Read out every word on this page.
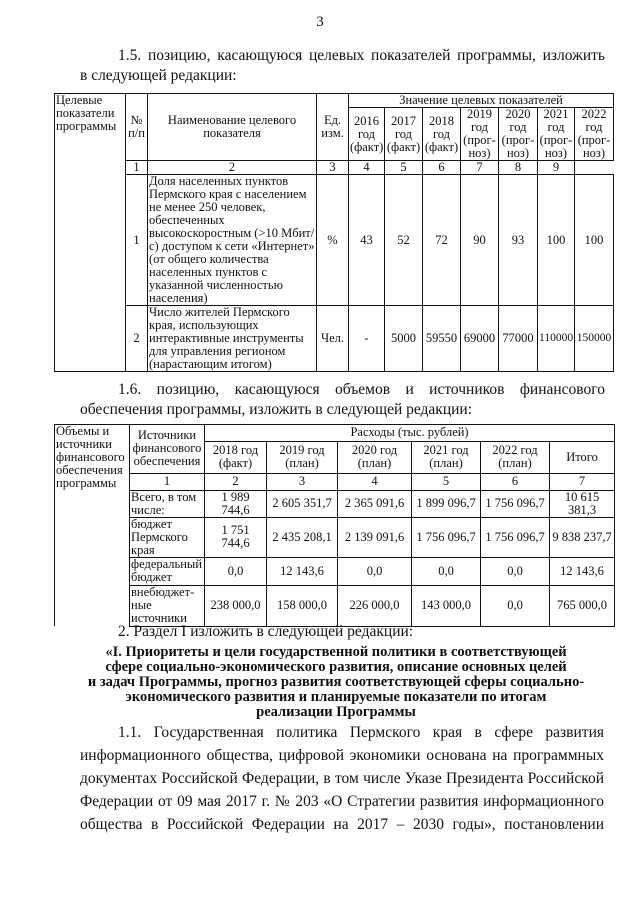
3
1.5. позицию, касающуюся целевых показателей программы, изложить
в следующей редакции:
Целевые показатели программы	№ п/п	Наименование целевого показателя	Ед. изм.	Значение целевых показателей						
				2016 год (факт)	2017 год (факт)	2018 год (факт)	2019 год (прог-ноз)	2020 год (прог-ноз)	2021 год (прог-ноз)	2022 год (прог-ноз)
	1	2	3	4	5	6	7	8	9	
	1	Доля населенных пунктов Пермского края с населением не менее 250 человек, обеспеченных высокоскоростным (>10 Мбит/с) доступом к сети «Интернет» (от общего количества населенных пунктов с указанной численностью населения)	%	43	52	72	90	93	100	100
	2	Число жителей Пермского края, использующих интерактивные инструменты для управления регионом (нарастающим итогом)	Чел.	-	5000	59550	69000	77000	110000	150000
1.6. позицию, касающуюся объемов и источников финансового
обеспечения программы, изложить в следующей редакции:
Объемы и источники финансового обеспечения программы	Источники финансового обеспечения	Расходы (тыс. рублей)					
		2018 год (факт)	2019 год (план)	2020 год (план)	2021 год (план)	2022 год (план)	Итого
	1	2	3	4	5	6	7
	Всего, в том числе:	1 989 744,6	2 605 351,7	2 365 091,6	1 899 096,7	1 756 096,7	10 615 381,3
	бюджет Пермского края	1 751 744,6	2 435 208,1	2 139 091,6	1 756 096,7	1 756 096,7	9 838 237,7
	федеральный бюджет	0,0	12 143,6	0,0	0,0	0,0	12 143,6
	внебюджет-ные источники	238 000,0	158 000,0	226 000,0	143 000,0	0,0	765 000,0
2. Раздел I изложить в следующей редакции:
«I. Приоритеты и цели государственной политики в соответствующей
сфере социально-экономического развития, описание основных целей
и задач Программы, прогноз развития соответствующей сферы социально-
экономического развития и планируемые показатели по итогам
реализации Программы
1.1. Государственная политика Пермского края в сфере развития
информационного общества, цифровой экономики основана на программных
документах Российской Федерации, в том числе Указе Президента Российской
Федерации от 09 мая 2017 г. № 203 «О Стратегии развития информационного
общества в Российской Федерации на 2017 – 2030 годы», постановлении
